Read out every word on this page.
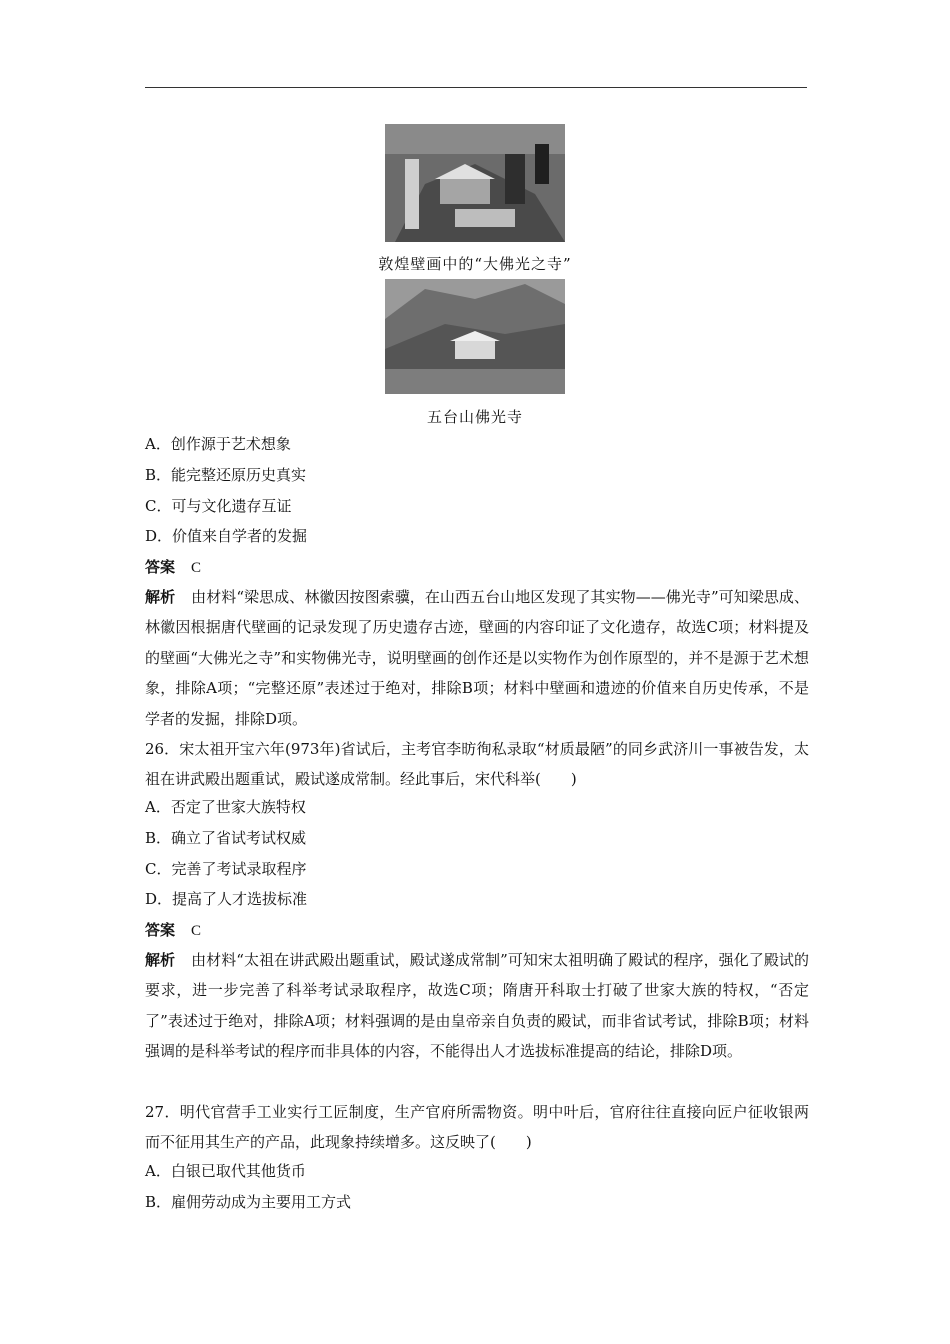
敦煌壁画中的“大佛光之寺”
五台山佛光寺
A．创作源于艺术想象
B．能完整还原历史真实
C．可与文化遗存互证
D．价值来自学者的发掘
答案 C

解析 由材料“梁思成、林徽因按图索骥，在山西五台山地区发现了其实物——佛光寺”可知梁思成、林徽因根据唐代壁画的记录发现了历史遗存古迹，壁画的内容印证了文化遗存，故选C项；材料提及的壁画“大佛光之寺”和实物佛光寺，说明壁画的创作还是以实物作为创作原型的，并不是源于艺术想象，排除A项；“完整还原”表述过于绝对，排除B项；材料中壁画和遗迹的价值来自历史传承，不是学者的发掘，排除D项。

26．宋太祖开宝六年(973年)省试后，主考官李昉徇私录取“材质最陋”的同乡武济川一事被告发，太祖在讲武殿出题重试，殿试遂成常制。经此事后，宋代科举(　　)

A．否定了世家大族特权
B．确立了省试考试权威
C．完善了考试录取程序
D．提高了人才选拔标准
答案 C

解析 由材料“太祖在讲武殿出题重试，殿试遂成常制”可知宋太祖明确了殿试的程序，强化了殿试的要求，进一步完善了科举考试录取程序，故选C项；隋唐开科取士打破了世家大族的特权，“否定了”表述过于绝对，排除A项；材料强调的是由皇帝亲自负责的殿试，而非省试考试，排除B项；材料强调的是科举考试的程序而非具体的内容，不能得出人才选拔标准提高的结论，排除D项。

27．明代官营手工业实行工匠制度，生产官府所需物资。明中叶后，官府往往直接向匠户征收银两而不征用其生产的产品，此现象持续增多。这反映了(　　)

A．白银已取代其他货币
B．雇佣劳动成为主要用工方式
